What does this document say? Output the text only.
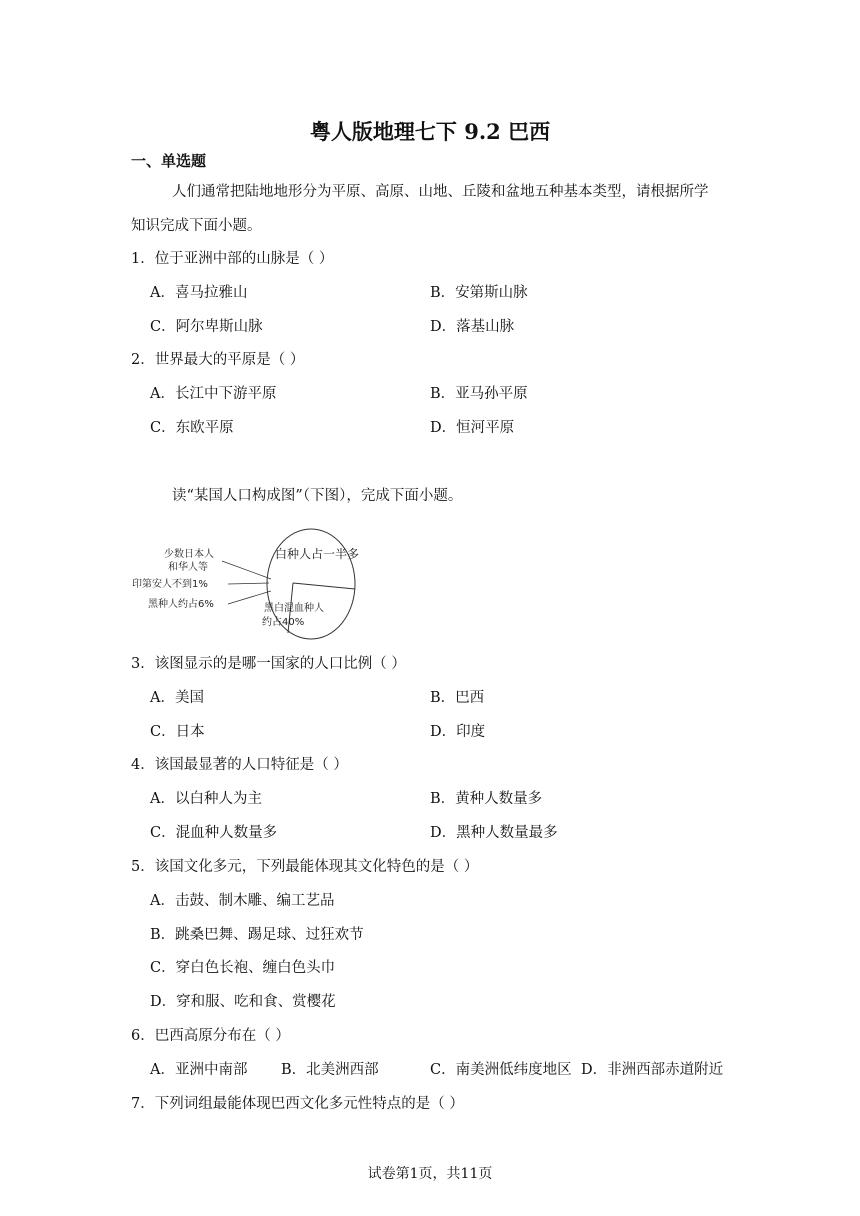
粤人版地理七下 9.2 巴西
一、单选题
人们通常把陆地地形分为平原、高原、山地、丘陵和盆地五种基本类型，请根据所学
知识完成下面小题。
1．位于亚洲中部的山脉是（ ）
A．喜马拉雅山	B．安第斯山脉
C．阿尔卑斯山脉	D．落基山脉
2．世界最大的平原是（ ）
A．长江中下游平原	B．亚马孙平原
C．东欧平原	D．恒河平原
读“某国人口构成图”（下图），完成下面小题。
白种人占一半多
少数日本人
和华人等
印第安人不到1%
黑种人约占6%	黑白混血种人
约占40%
3．该图显示的是哪一国家的人口比例（ ）
A．美国	B．巴西
C．日本	D．印度
4．该国最显著的人口特征是（ ）
A．以白种人为主	B．黄种人数量多
C．混血种人数量多	D．黑种人数量最多
5．该国文化多元，下列最能体现其文化特色的是（ ）
A．击鼓、制木雕、编工艺品
B．跳桑巴舞、踢足球、过狂欢节
C．穿白色长袍、缠白色头巾
D．穿和服、吃和食、赏樱花
6．巴西高原分布在（ ）
A．亚洲中南部 B．北美洲西部	C．南美洲低纬度地区 D．非洲西部赤道附近
7．下列词组最能体现巴西文化多元性特点的是（ ）
试卷第1页，共11页
